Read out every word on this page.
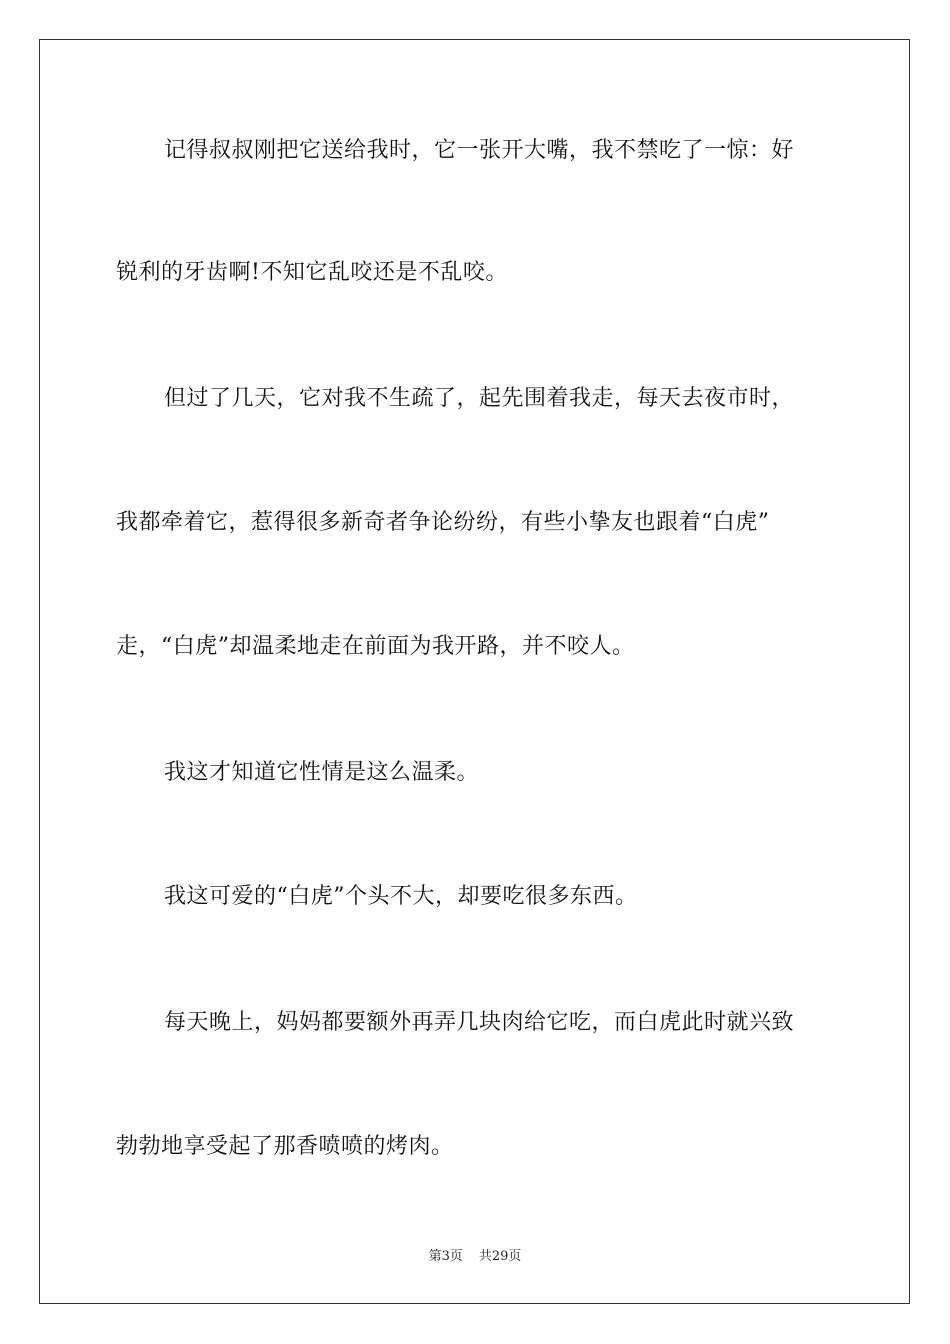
记得叔叔刚把它送给我时，它一张开大嘴，我不禁吃了一惊：好
锐利的牙齿啊!不知它乱咬还是不乱咬。
但过了几天，它对我不生疏了，起先围着我走，每天去夜市时，
我都牵着它，惹得很多新奇者争论纷纷，有些小挚友也跟着“白虎”
走，“白虎”却温柔地走在前面为我开路，并不咬人。
我这才知道它性情是这么温柔。
我这可爱的“白虎”个头不大，却要吃很多东西。
每天晚上，妈妈都要额外再弄几块肉给它吃，而白虎此时就兴致
勃勃地享受起了那香喷喷的烤肉。
第3页 共29页
